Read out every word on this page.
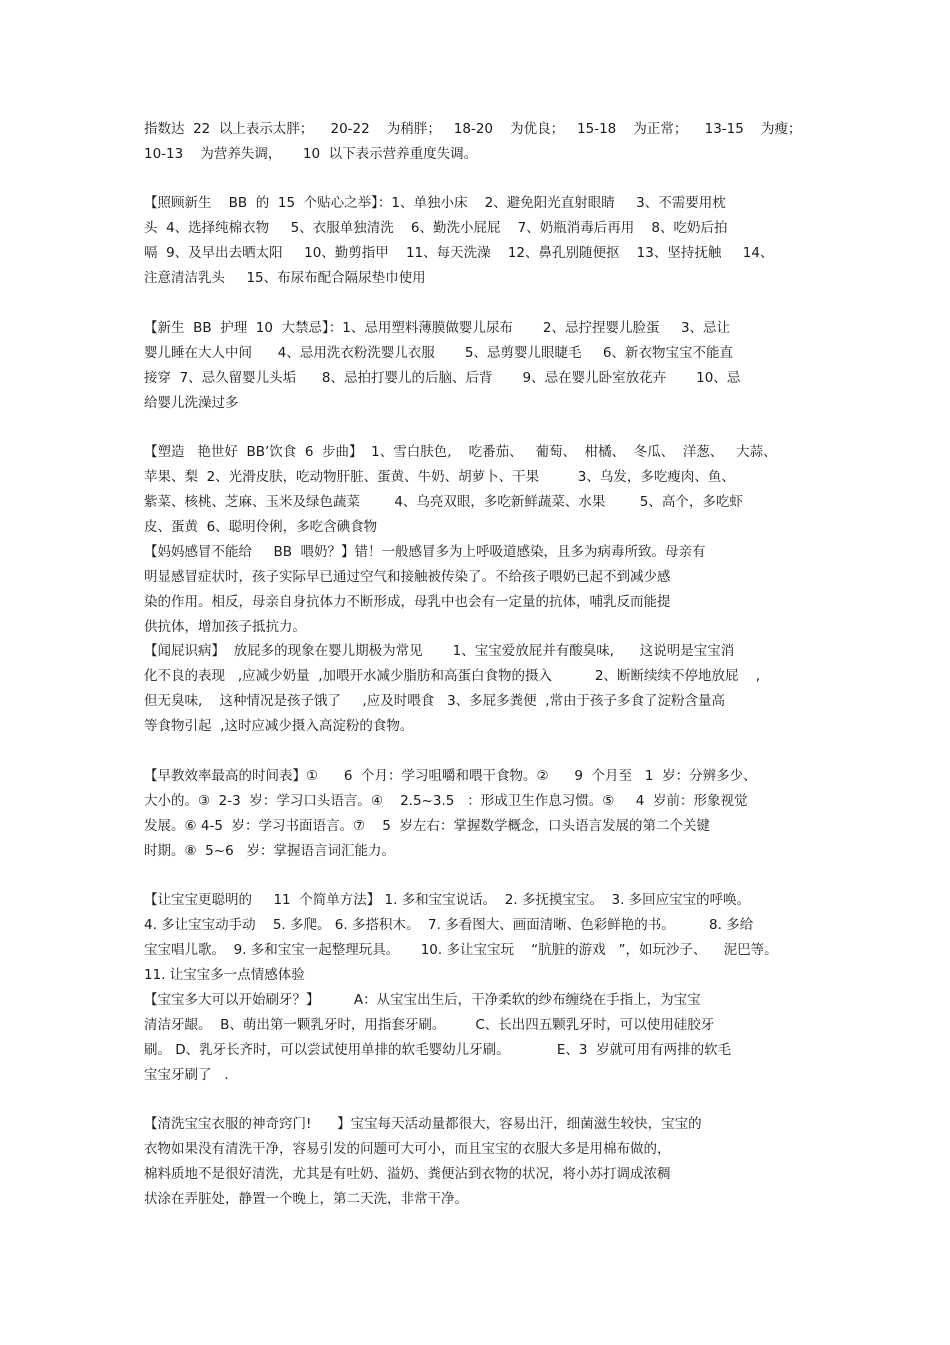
指数达  22  以上表示太胖；    20-22    为稍胖；   18-20    为优良；   15-18    为正常；    13-15    为瘦；
10-13    为营养失调，     10  以下表示营养重度失调。
【照顾新生    BB  的  15  个贴心之举】：1、单独小床    2、避免阳光直射眼睛     3、不需要用枕
头  4、选择纯棉衣物     5、衣服单独清洗    6、勤洗小屁屁    7、奶瓶消毒后再用    8、吃奶后拍
嗝  9、及早出去晒太阳     10、勤剪指甲    11、每天洗澡    12、鼻孔别随便抠    13、坚持抚触     14、
注意清洁乳头     15、布尿布配合隔尿垫巾使用
【新生  BB  护理  10  大禁忌】：1、忌用塑料薄膜做婴儿尿布       2、忌拧捏婴儿脸蛋     3、忌让
婴儿睡在大人中间      4、忌用洗衣粉洗婴儿衣服       5、忌剪婴儿眼睫毛     6、新衣物宝宝不能直
接穿  7、忌久留婴儿头垢      8、忌拍打婴儿的后脑、后背       9、忌在婴儿卧室放花卉       10、忌
给婴儿洗澡过多
【塑造   艳世好  BB’饮食  6  步曲】  1、雪白肤色,    吃番茄、   葡萄、  柑橘、  冬瓜、  洋葱、   大蒜、
苹果、梨  2、光滑皮肤，吃动物肝脏、蛋黄、牛奶、胡萝卜、干果         3、乌发，多吃瘦肉、鱼、
紫菜、核桃、芝麻、玉米及绿色蔬菜        4、乌亮双眼，多吃新鲜蔬菜、水果        5、高个，多吃虾
皮、蛋黄  6、聪明伶俐，多吃含碘食物
【妈妈感冒不能给     BB  喂奶？】错！一般感冒多为上呼吸道感染，且多为病毒所致。母亲有
明显感冒症状时，孩子实际早已通过空气和接触被传染了。不给孩子喂奶已起不到减少感
染的作用。相反，母亲自身抗体力不断形成，母乳中也会有一定量的抗体，哺乳反而能提
供抗体，增加孩子抵抗力。
【闻屁识病】  放屁多的现象在婴儿期极为常见       1、宝宝爱放屁并有酸臭味,      这说明是宝宝消
化不良的表现   ,应减少奶量  ,加喂开水减少脂肪和高蛋白食物的摄入          2、断断续续不停地放屁    ,
但无臭味,    这种情况是孩子饿了     ,应及时喂食   3、多屁多粪便  ,常由于孩子多食了淀粉含量高
等食物引起  ,这时应减少摄入高淀粉的食物。
【早教效率最高的时间表】①      6  个月：学习咀嚼和喂干食物。②      9  个月至   1  岁：分辨多少、
大小的。③  2-3  岁：学习口头语言。④    2.5~3.5   ：形成卫生作息习惯。⑤     4  岁前：形象视觉
发展。⑥ 4-5  岁：学习书面语言。⑦    5  岁左右：掌握数学概念，口头语言发展的第二个关键
时期。⑧  5~6   岁：掌握语言词汇能力。
【让宝宝更聪明的     11  个简单方法】 1. 多和宝宝说话。  2. 多抚摸宝宝。  3. 多回应宝宝的呼唤。
4. 多让宝宝动手动    5. 多爬。 6. 多搭积木。  7. 多看图大、画面清晰、色彩鲜艳的书。        8. 多给
宝宝唱儿歌。  9. 多和宝宝一起整理玩具。     10. 多让宝宝玩    “肮脏的游戏   ”，如玩沙子、    泥巴等。
11. 让宝宝多一点情感体验
【宝宝多大可以开始刷牙？】        A：从宝宝出生后，干净柔软的纱布缠绕在手指上，为宝宝
清洁牙龈。  B、萌出第一颗乳牙时，用指套牙刷。       C、长出四五颗乳牙时，可以使用硅胶牙
刷。 D、乳牙长齐时，可以尝试使用单排的软毛婴幼儿牙刷。           E、3  岁就可用有两排的软毛
宝宝牙刷了   .
【清洗宝宝衣服的神奇窍门!      】宝宝每天活动量都很大，容易出汗，细菌滋生较快，宝宝的
衣物如果没有清洗干净，容易引发的问题可大可小，而且宝宝的衣服大多是用棉布做的，
棉料质地不是很好清洗，尤其是有吐奶、溢奶、粪便沾到衣物的状况，将小苏打调成浓稠
状涂在弄脏处，静置一个晚上，第二天洗，非常干净。
